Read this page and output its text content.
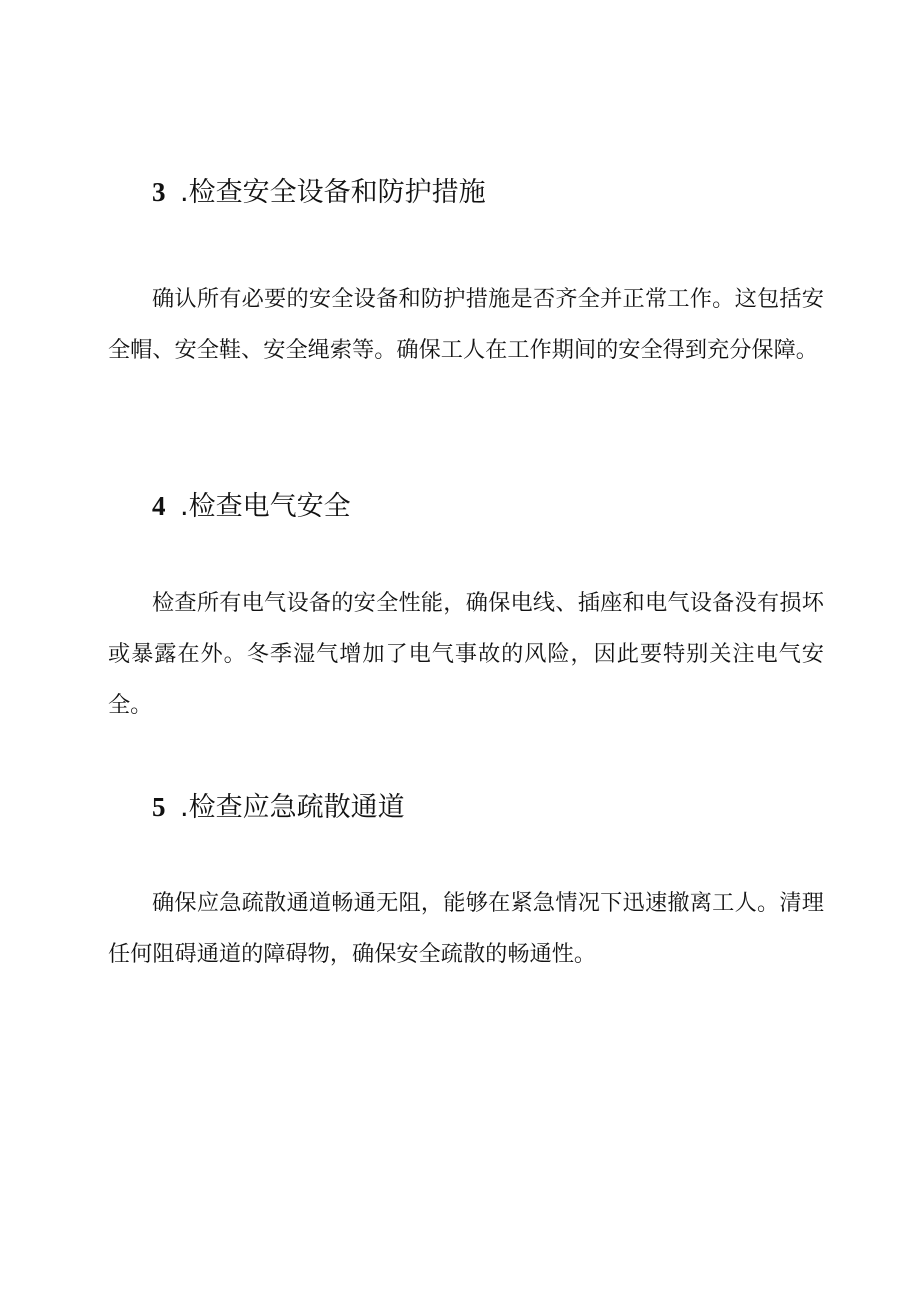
3 .检查安全设备和防护措施

确认所有必要的安全设备和防护措施是否齐全并正常工作。这包括安全帽、安全鞋、安全绳索等。确保工人在工作期间的安全得到充分保障。

4 .检查电气安全

检查所有电气设备的安全性能，确保电线、插座和电气设备没有损坏或暴露在外。冬季湿气增加了电气事故的风险，因此要特别关注电气安全。

5 .检查应急疏散通道

确保应急疏散通道畅通无阻，能够在紧急情况下迅速撤离工人。清理任何阻碍通道的障碍物，确保安全疏散的畅通性。
